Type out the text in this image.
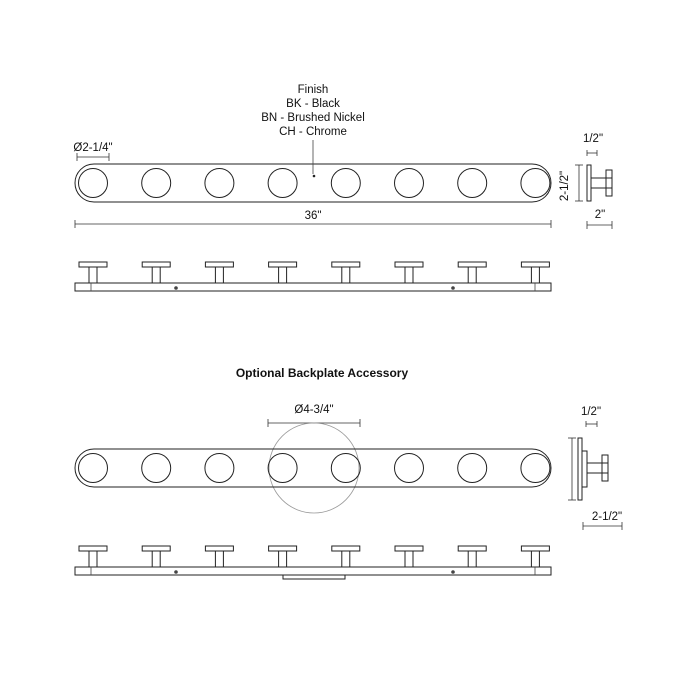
Finish
BK - Black
BN - Brushed Nickel
CH - Chrome
Ø2-1/4"
36"
1/2"
2-1/2"
2"
Optional Backplate Accessory
Ø4-3/4"	1/2"
2-1/2"
